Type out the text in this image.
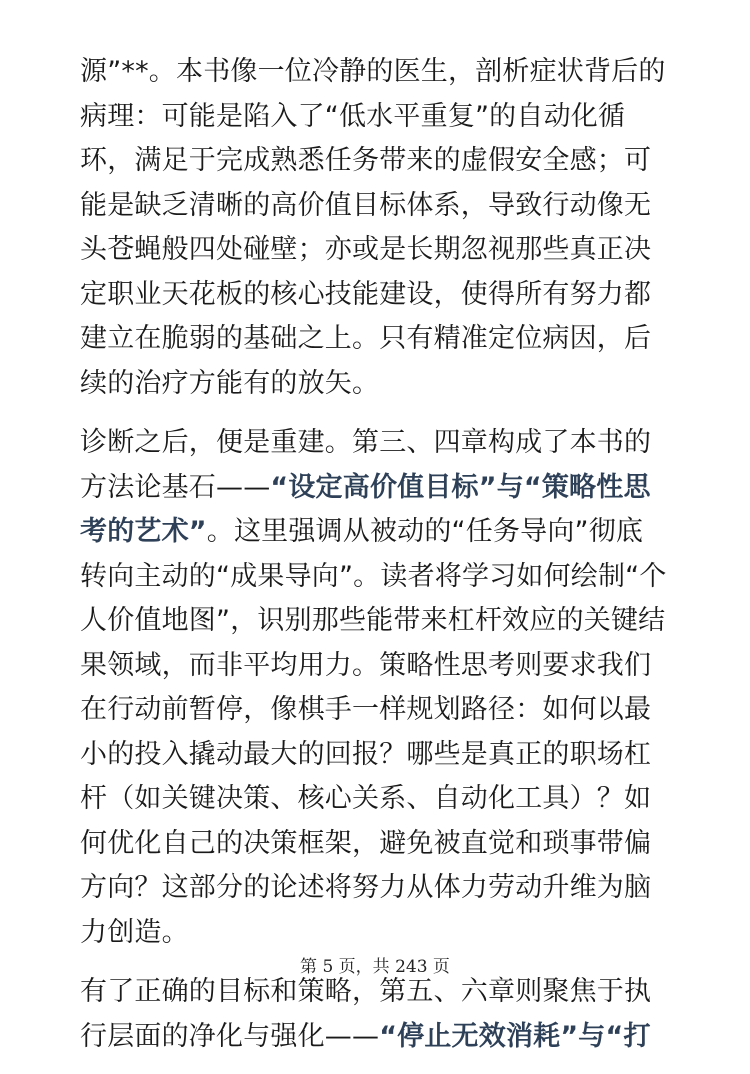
源”**。本书像一位冷静的医生，剖析症状背后的病理：可能是陷入了“低水平重复”的自动化循环，满足于完成熟悉任务带来的虚假安全感；可能是缺乏清晰的高价值目标体系，导致行动像无头苍蝇般四处碰壁；亦或是长期忽视那些真正决定职业天花板的核心技能建设，使得所有努力都建立在脆弱的基础之上。只有精准定位病因，后续的治疗方能有的放矢。

诊断之后，便是重建。第三、四章构成了本书的方法论基石——“设定高价值目标”与“策略性思考的艺术”。这里强调从被动的“任务导向”彻底转向主动的“成果导向”。读者将学习如何绘制“个人价值地图”，识别那些能带来杠杆效应的关键结果领域，而非平均用力。策略性思考则要求我们在行动前暂停，像棋手一样规划路径：如何以最小的投入撬动最大的回报？哪些是真正的职场杠杆（如关键决策、核心关系、自动化工具）？如何优化自己的决策框架，避免被直觉和琐事带偏方向？这部分的论述将努力从体力劳动升维为脑力创造。

有了正确的目标和策略，第五、六章则聚焦于执行层面的净化与强化——“停止无效消耗”与“打

第 5 页，共 243 页
